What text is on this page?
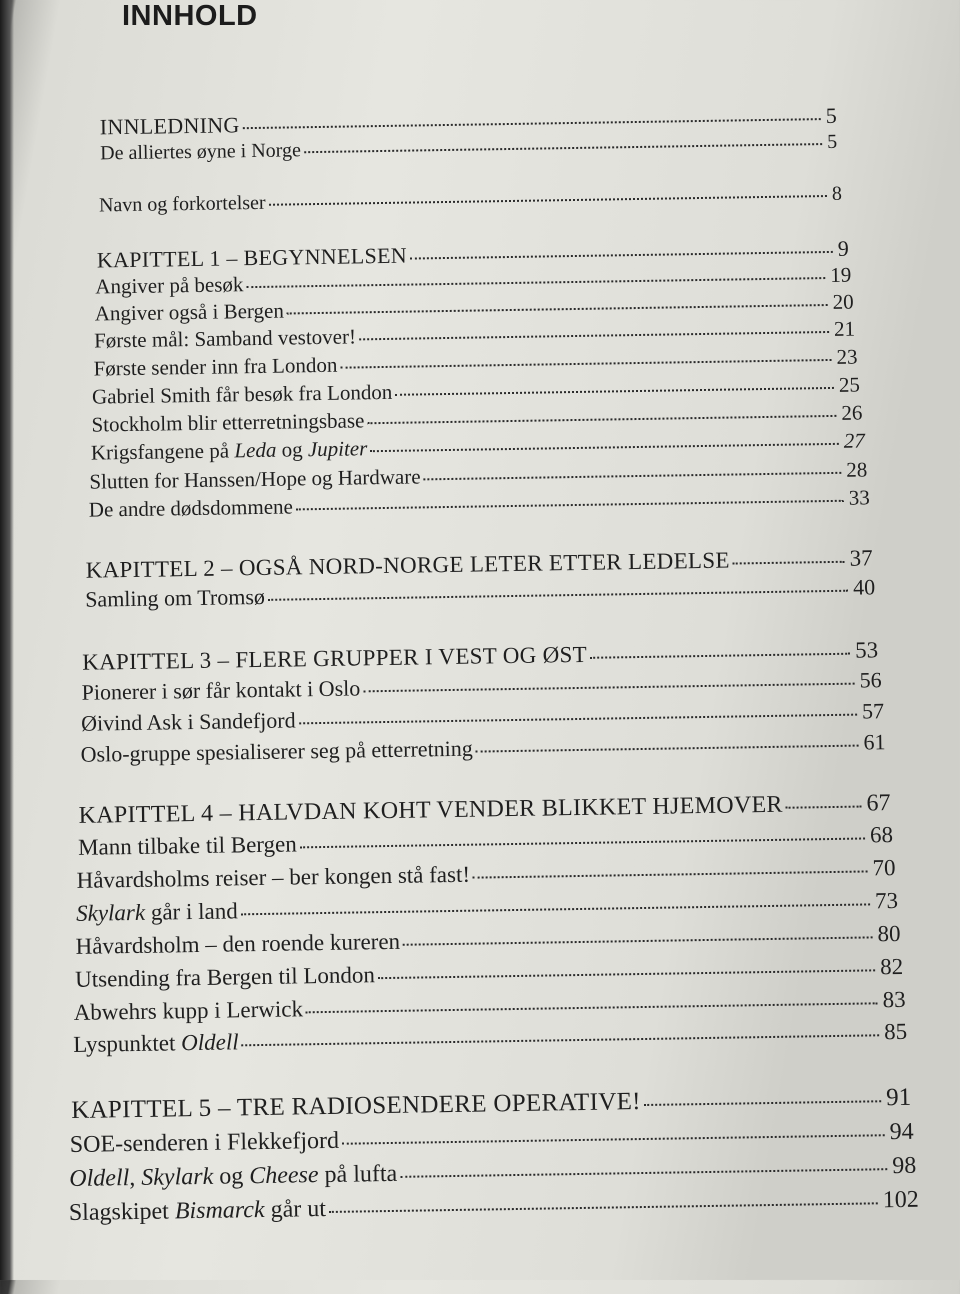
INNHOLD
INNLEDNING	5
De alliertes øyne i Norge	5
Navn og forkortelser	8
KAPITTEL 1 – BEGYNNELSEN	9
Angiver på besøk	19
Angiver også i Bergen	20
Første mål: Samband vestover!	21
Første sender inn fra London	23
Gabriel Smith får besøk fra London	25
Stockholm blir etterretningsbase	26
Krigsfangene på Leda og Jupiter	27
Slutten for Hanssen/Hope og Hardware	28
De andre dødsdommene	33
KAPITTEL 2 – OGSÅ NORD-NORGE LETER ETTER LEDELSE	37
Samling om Tromsø	40
KAPITTEL 3 – FLERE GRUPPER I VEST OG ØST	53
Pionerer i sør får kontakt i Oslo	56
Øivind Ask i Sandefjord	57
Oslo-gruppe spesialiserer seg på etterretning	61
KAPITTEL 4 – HALVDAN KOHT VENDER BLIKKET HJEMOVER	67
Mann tilbake til Bergen	68
Håvardsholms reiser – ber kongen stå fast!	70
Skylark går i land	73
Håvardsholm – den roende kureren	80
Utsending fra Bergen til London	82
Abwehrs kupp i Lerwick	83
Lyspunktet Oldell	85
KAPITTEL 5 – TRE RADIOSENDERE OPERATIVE!	91
SOE-senderen i Flekkefjord	94
Oldell, Skylark og Cheese på lufta	98
Slagskipet Bismarck går ut	102
